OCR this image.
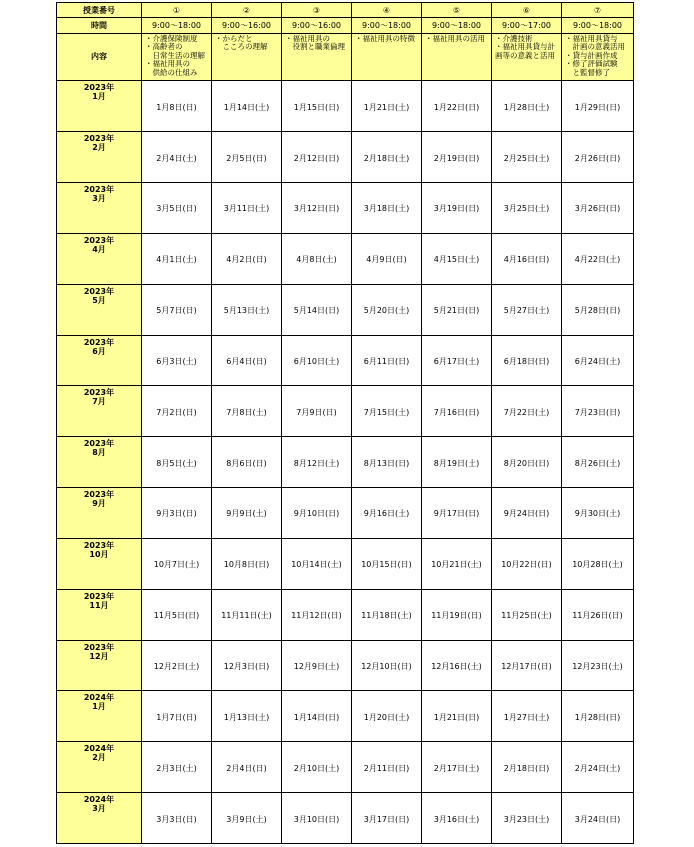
授業番号	①	②	③	④	⑤	⑥	⑦
時間	9:00～18:00	9:00～16:00	9:00～16:00	9:00～18:00	9:00～18:00	9:00～17:00	9:00～18:00
内容	・介護保険制度
・高齢者の
　日常生活の理解
・福祉用具の
　供給の仕組み	・からだと
　こころの理解	・福祉用具の
　役割と職業倫理	・福祉用具の特徴	・福祉用具の活用	・介護技術
・福祉用具貸与計
画等の意義と活用	・福祉用具貸与
　計画の意義活用
・貸与計画作成
・修了評価試験
　と監督修了

2023年
1月	1月8日(日)	1月14日(土)	1月15日(日)	1月21日(土)	1月22日(日)	1月28日(土)	1月29日(日)

2023年
2月	2月4日(土)	2月5日(日)	2月12日(日)	2月18日(土)	2月19日(日)	2月25日(土)	2月26日(日)

2023年
3月	3月5日(日)	3月11日(土)	3月12日(日)	3月18日(土)	3月19日(日)	3月25日(土)	3月26日(日)

2023年
4月	4月1日(土)	4月2日(日)	4月8日(土)	4月9日(日)	4月15日(土)	4月16日(日)	4月22日(土)

2023年
5月	5月7日(日)	5月13日(土)	5月14日(日)	5月20日(土)	5月21日(日)	5月27日(土)	5月28日(日)

2023年
6月	6月3日(土)	6月4日(日)	6月10日(土)	6月11日(日)	6月17日(土)	6月18日(日)	6月24日(土)

2023年
7月	7月2日(日)	7月8日(土)	7月9日(日)	7月15日(土)	7月16日(日)	7月22日(土)	7月23日(日)

2023年
8月	8月5日(土)	8月6日(日)	8月12日(土)	8月13日(日)	8月19日(土)	8月20日(日)	8月26日(土)

2023年
9月	9月3日(日)	9月9日(土)	9月10日(日)	9月16日(土)	9月17日(日)	9月24日(日)	9月30日(土)

2023年
10月	10月7日(土)	10月8日(日)	10月14日(土)	10月15日(日)	10月21日(土)	10月22日(日)	10月28日(土)

2023年
11月	11月5日(日)	11月11日(土)	11月12日(日)	11月18日(土)	11月19日(日)	11月25日(土)	11月26日(日)

2023年
12月	12月2日(土)	12月3日(日)	12月9日(土)	12月10日(日)	12月16日(土)	12月17日(日)	12月23日(土)

2024年
1月	1月7日(日)	1月13日(土)	1月14日(日)	1月20日(土)	1月21日(日)	1月27日(土)	1月28日(日)

2024年
2月	2月3日(土)	2月4日(日)	2月10日(土)	2月11日(日)	2月17日(土)	2月18日(日)	2月24日(土)

2024年
3月	3月3日(日)	3月9日(土)	3月10日(日)	3月17日(日)	3月16日(土)	3月23日(土)	3月24日(日)
